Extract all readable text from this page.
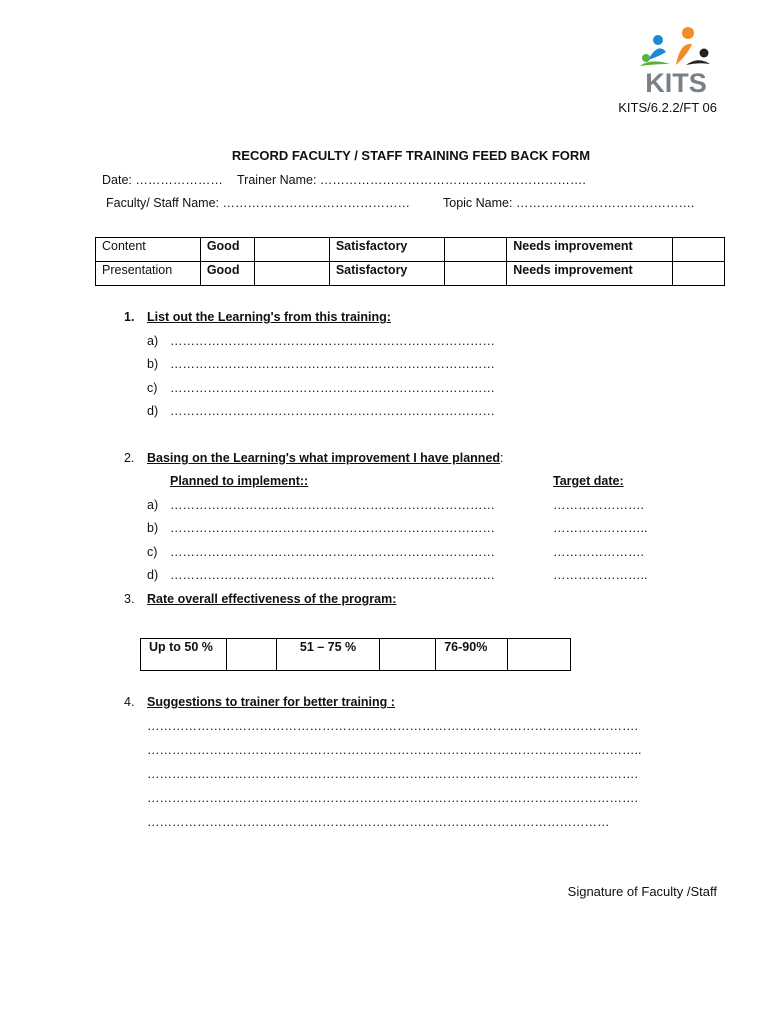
KITS
KITS/6.2.2/FT 06
RECORD FACULTY / STAFF TRAINING FEED BACK FORM
Date: ………………… Trainer Name: ……………………………………………………….
Faculty/ Staff Name: ………………………………………	Topic Name: …………………………………….
Content	Good		Satisfactory		Needs improvement	
Presentation	Good		Satisfactory		Needs improvement	
1. List out the Learning's from this training:
a) ……………………………………………………………………
b) ……………………………………………………………………
c) ……………………………………………………………………
d) ……………………………………………………………………
2. Basing on the Learning's what improvement I have planned:
Planned to implement::	Target date:
a) ……………………………………………………………………	………………….
b) ……………………………………………………………………	…………………..
c) ……………………………………………………………………	………………….
d) ……………………………………………………………………	…………………..
3. Rate overall effectiveness of the program:
Up to 50 %		51 – 75 %		76-90%	
4. Suggestions to trainer for better training :
……………………………………………………………………………………………………….
………………………………………………………………………………………………………..
……………………………………………………………………………………………………….
……………………………………………………………………………………………………….
…………………………………………………………………………………………………
Signature of Faculty /Staff
